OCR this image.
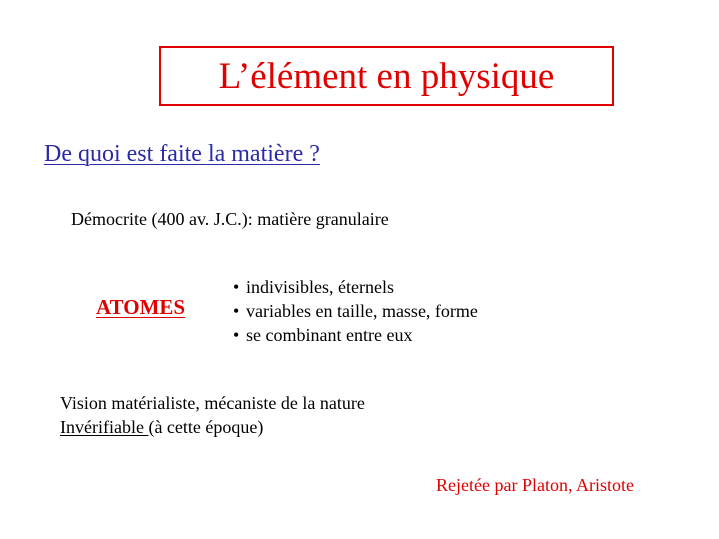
L’élément en physique
De quoi est faite la matière ?
Démocrite (400 av. J.C.): matière granulaire
ATOMES
• indivisibles, éternels
• variables en taille, masse, forme
• se combinant entre eux
Vision matérialiste, mécaniste de la nature
Invérifiable (à cette époque)
Rejetée par Platon, Aristote
